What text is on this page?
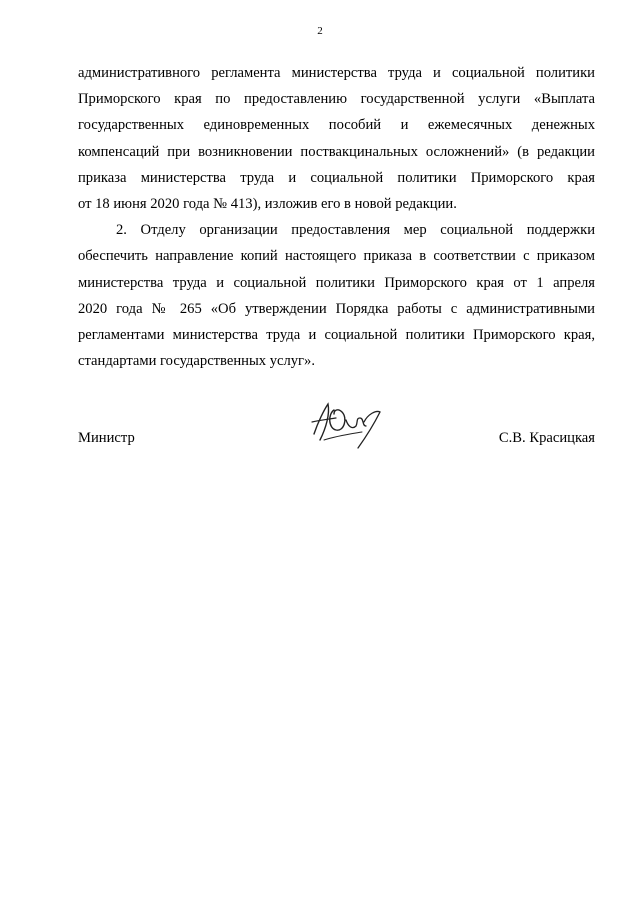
2
административного регламента министерства труда и социальной политики
Приморского края по предоставлению государственной услуги «Выплата
государственных единовременных пособий и ежемесячных денежных
компенсаций при возникновении поствакцинальных осложнений» (в редакции
приказа министерства труда и социальной политики Приморского края
от 18 июня 2020 года № 413), изложив его в новой редакции.
2. Отделу организации предоставления мер социальной поддержки
обеспечить направление копий настоящего приказа в соответствии с приказом
министерства труда и социальной политики Приморского края от 1 апреля
2020 года № 265 «Об утверждении Порядка работы с административными
регламентами министерства труда и социальной политики Приморского края,
стандартами государственных услуг».
Министр	С.В. Красицкая
